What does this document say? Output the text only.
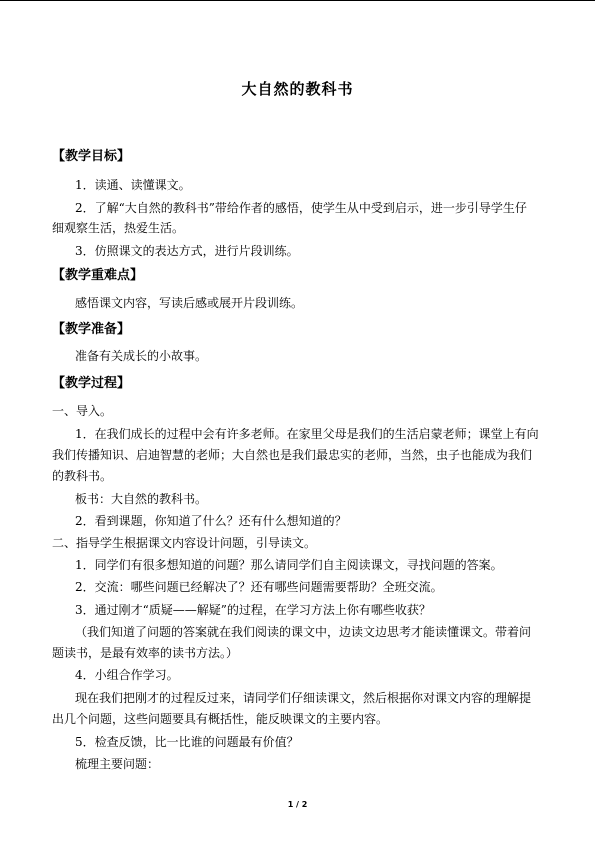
大自然的教科书
【教学目标】
1．读通、读懂课文。
2．了解“大自然的教科书”带给作者的感悟，使学生从中受到启示，进一步引导学生仔
细观察生活，热爱生活。
3．仿照课文的表达方式，进行片段训练。
【教学重难点】
感悟课文内容，写读后感或展开片段训练。
【教学准备】
准备有关成长的小故事。
【教学过程】
一、导入。
1．在我们成长的过程中会有许多老师。在家里父母是我们的生活启蒙老师；课堂上有向
我们传播知识、启迪智慧的老师；大自然也是我们最忠实的老师，当然，虫子也能成为我们
的教科书。
板书：大自然的教科书。
2．看到课题，你知道了什么？还有什么想知道的？
二、指导学生根据课文内容设计问题，引导读文。
1．同学们有很多想知道的问题？那么请同学们自主阅读课文，寻找问题的答案。
2．交流：哪些问题已经解决了？还有哪些问题需要帮助？全班交流。
3．通过刚才“质疑——解疑”的过程，在学习方法上你有哪些收获？
（我们知道了问题的答案就在我们阅读的课文中，边读文边思考才能读懂课文。带着问
题读书，是最有效率的读书方法。）
4．小组合作学习。
现在我们把刚才的过程反过来，请同学们仔细读课文，然后根据你对课文内容的理解提
出几个问题，这些问题要具有概括性，能反映课文的主要内容。
5．检查反馈，比一比谁的问题最有价值？
梳理主要问题：
1 / 2
